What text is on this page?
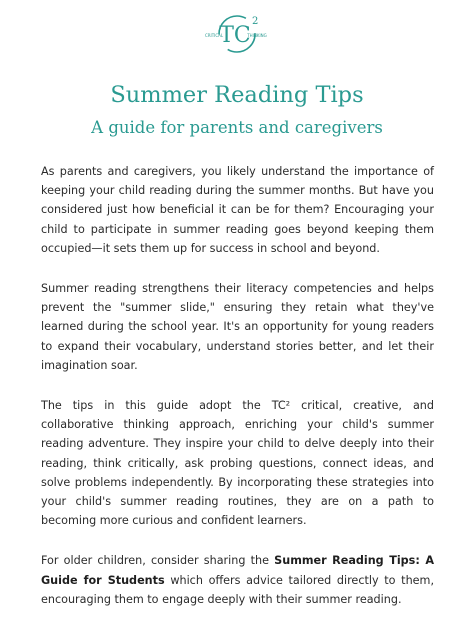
TC
2
CRITICAL	THINKING
Summer Reading Tips
A guide for parents and caregivers

As parents and caregivers, you likely understand the importance of keeping your child reading during the summer months. But have you considered just how beneficial it can be for them? Encouraging your child to participate in summer reading goes beyond keeping them occupied—it sets them up for success in school and beyond.

Summer reading strengthens their literacy competencies and helps prevent the "summer slide," ensuring they retain what they've learned during the school year. It's an opportunity for young readers to expand their vocabulary, understand stories better, and let their imagination soar.

The tips in this guide adopt the TC² critical, creative, and collaborative thinking approach, enriching your child's summer reading adventure. They inspire your child to delve deeply into their reading, think critically, ask probing questions, connect ideas, and solve problems independently. By incorporating these strategies into your child's summer reading routines, they are on a path to becoming more curious and confident learners.

For older children, consider sharing the Summer Reading Tips: A Guide for Students which offers advice tailored directly to them, encouraging them to engage deeply with their summer reading.
